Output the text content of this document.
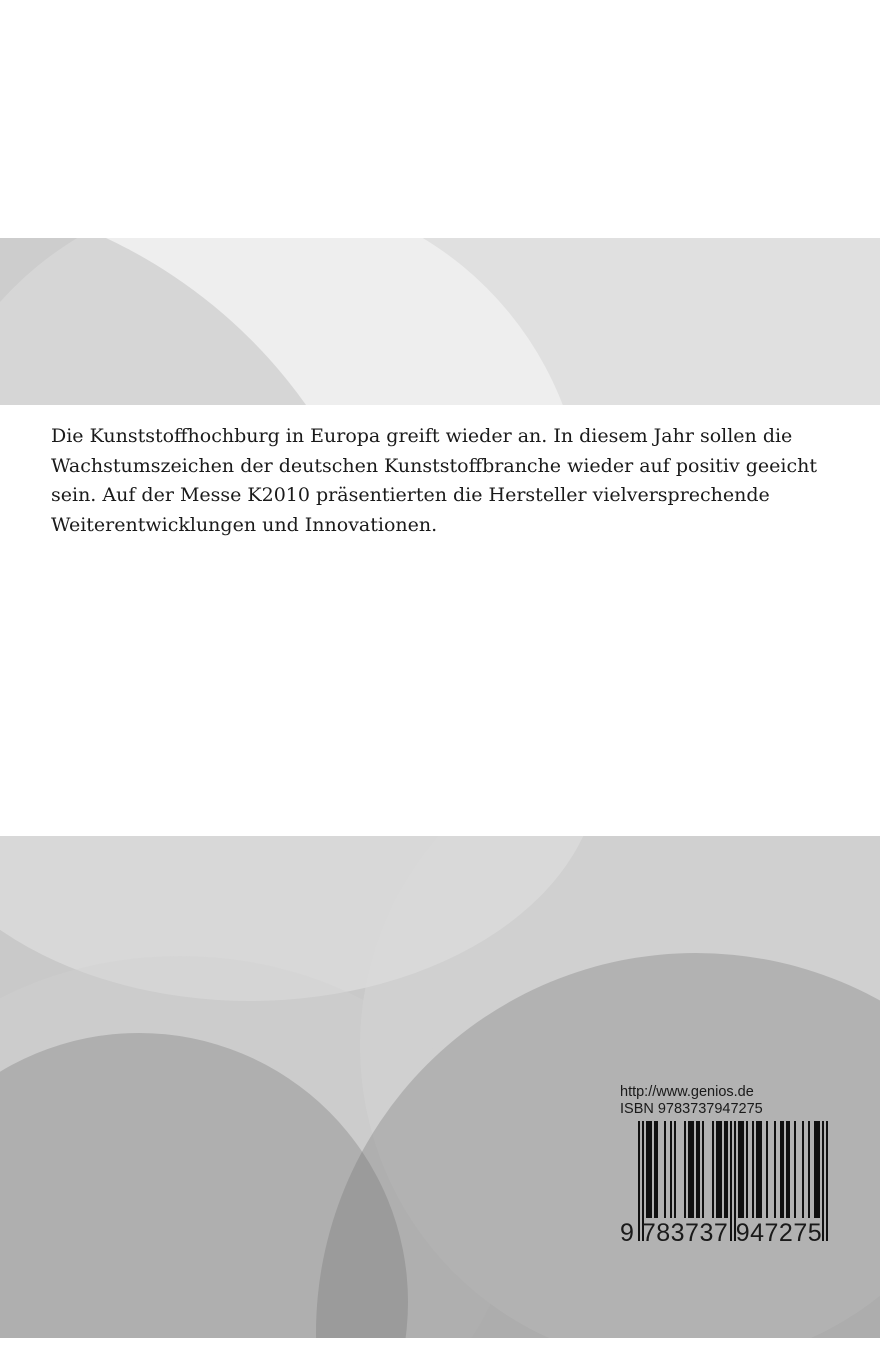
Die Kunststoffhochburg in Europa greift wieder an. In diesem Jahr sollen die Wachstumszeichen der deutschen Kunststoffbranche wieder auf positiv geeicht sein. Auf der Messe K2010 präsentierten die Hersteller vielversprechende Weiterentwicklungen und Innovationen.

http://www.genios.de
ISBN 9783737947275
9 783737 947275
